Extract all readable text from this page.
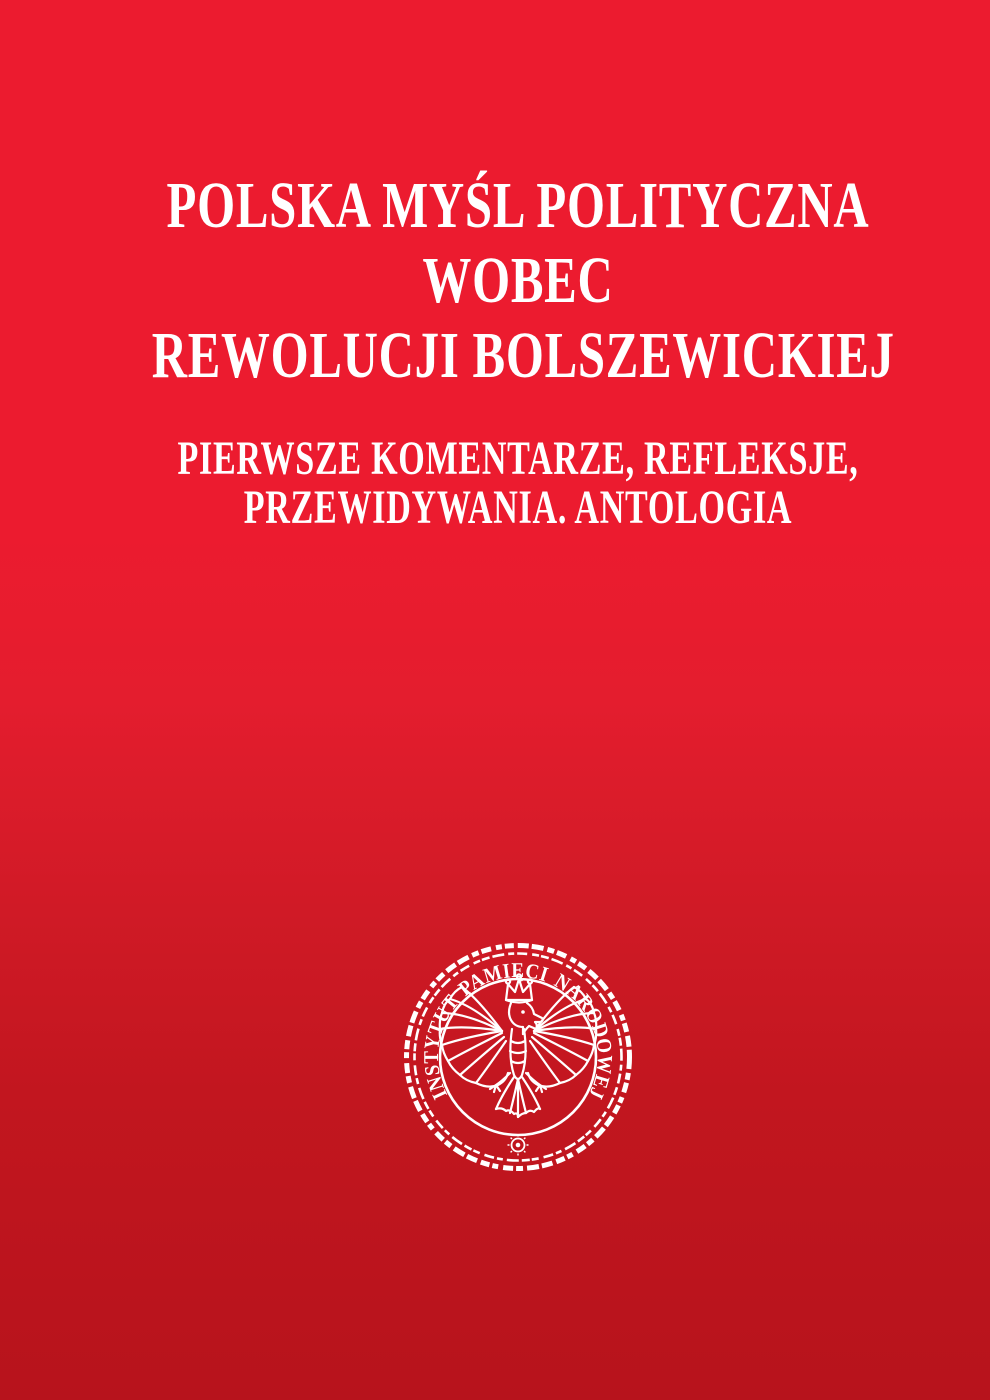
POLSKA MYŚL POLITYCZNA
WOBEC
REWOLUCJI BOLSZEWICKIEJ
PIERWSZE KOMENTARZE, REFLEKSJE,
PRZEWIDYWANIA. ANTOLOGIA
INSTYTUT PAMIĘCI NARODOWEJ
